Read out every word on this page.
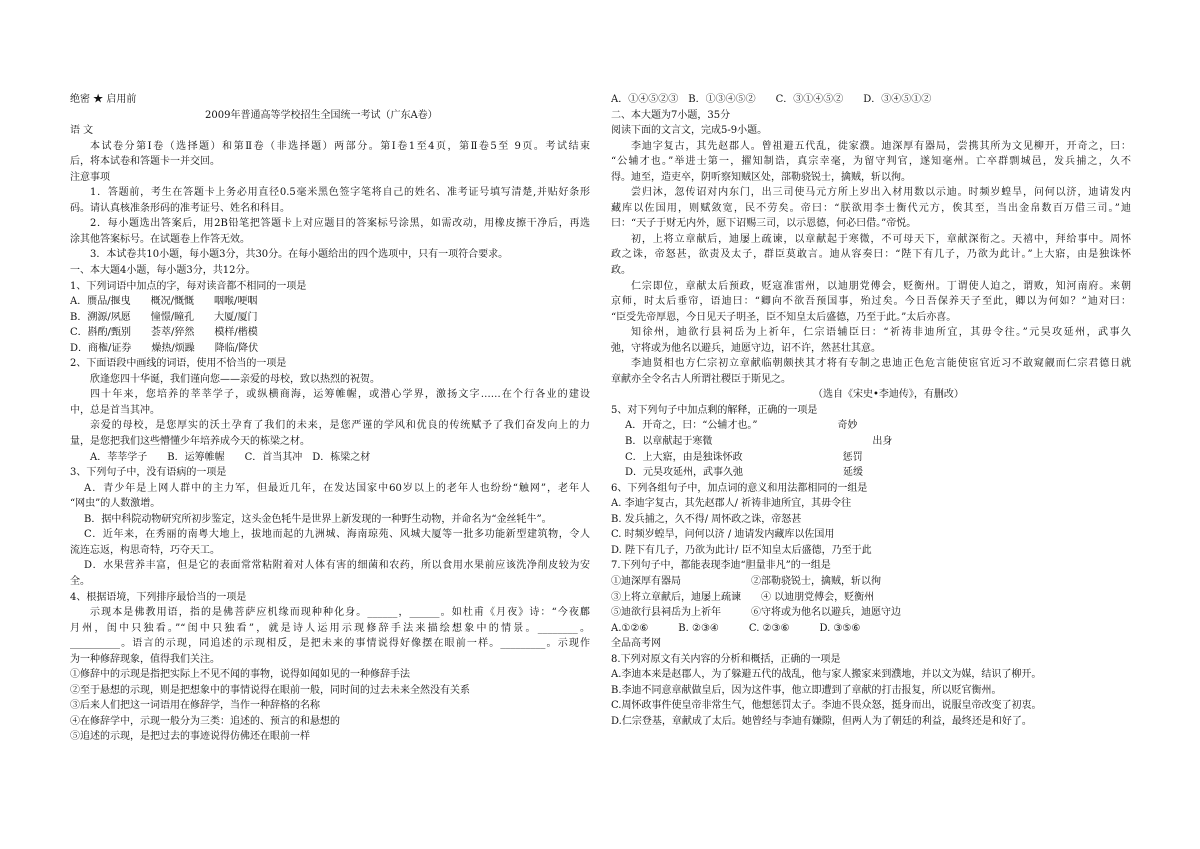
绝密 ★ 启用前
2009年普通高等学校招生全国统一考试（广东A卷）
语 文
本试卷分第Ⅰ卷（选择题）和第Ⅱ卷（非选择题）两部分。第Ⅰ卷1至4页，第Ⅱ卷5至 9页。考试结束
后，将本试卷和答题卡一并交回。
注意事项
1．答题前，考生在答题卡上务必用直径0.5毫米黑色签字笔将自己的姓名、准考证号填写清楚,并贴好条形
码。请认真核准条形码的准考证号、姓名和科目。
2．每小题选出答案后，用2B铅笔把答题卡上对应题目的答案标号涂黑，如需改动，用橡皮擦干净后，再选
涂其他答案标号。在试题卷上作答无效。
3．本试卷共10小题，每小题3分，共30分。在每小题给出的四个选项中，只有一项符合要求。
一、本大题4小题，每小题3分，共12分。
1、下列词语中加点的字，每对读音都不相同的一项是
A．赝品/揠曳　　概况/慨慨　　咽喉/哽咽
B．溯源/夙愿　　憧憬/瞳孔　　大厦/厦门
C．斟酌/甄别　　荟萃/猝然　　模样/楷模
D．商権/证券　　燥热/烦躁　　降临/降伏
2、下面语段中画线的词语，使用不恰当的一项是
欣逢您四十华诞，我们谨向您——亲爱的母校，致以热烈的祝贺。
四十年来，您培养的莘莘学子，或纵横商海，运筹帷幄，或潜心学界，激扬文字……在个行各业的建设
中，总是首当其冲。
亲爱的母校，是您厚实的沃土孕育了我们的未来，是您严谨的学风和优良的传统赋予了我们奋发向上的力
量，是您把我们这些懵懂少年培养成今天的栋梁之材。
A．莘莘学子　　B．运筹帷幄　　C．首当其冲　D．栋梁之材
3、下列句子中，没有语病的一项是
A．青少年是上网人群中的主力军，但最近几年，在发达国家中60岁以上的老年人也纷纷“触网”，老年人
“网虫”的人数激增。
B．据中科院动物研究所初步鉴定，这头金色牦牛是世界上新发现的一种野生动物，并命名为“金丝牦牛”。
C．近年来，在秀丽的南粤大地上，拔地而起的九洲城、海南琼苑、风城大厦等一批多功能新型建筑物，令人
流连忘返，构思奇特，巧夺天工。
D．水果营养丰富，但是它的表面常常粘附着对人体有害的细菌和农药，所以食用水果前应该洗净削皮较为安
全。
4、根据语境，下列排序最恰当的一项是
示现本是佛教用语，指的是佛菩萨应机缘而现种种化身。______，______。如杜甫《月夜》诗：“今夜鄜
月州，闺中只独看。”“闺中只独看”，就是诗人运用示现修辞手法来描绘想象中的情景。________。
__________。语言的示现，同追述的示现相反，是把未来的事情说得好像摆在眼前一样。_________。示现作
为一种修辞现象，值得我们关注。
①修辞中的示现是指把实际上不见不闻的事物，说得如闻如见的一种修辞手法
②至于悬想的示现，则是把想象中的事情说得在眼前一般，同时间的过去未来全然没有关系
③后来人们把这一词语用在修辞学，当作一种辞格的名称
④在修辞学中，示现一般分为三类：追述的、预言的和悬想的
⑤追述的示现，是把过去的事迹说得仿佛还在眼前一样
A．①④⑤②③　B．①③④⑤②　　C．③①④⑤②　　D．③④⑤①②
二、本大题为7小题，35分
阅读下面的文言文，完成5-9小题。
李迪字复古，其先赵郡人。曾祖避五代乱，徙家濮。迪深厚有器局，尝携其所为文见柳开，开奇之，曰：
“公辅才也。”举进士第一，擢知制诰，真宗幸毫，为留守判官，遂知毫州。亡卒群剽城邑，发兵捕之，久不
得。迪至，造吏卒，阴听察知贼区处，部勒骁锐士，擒贼，斩以徇。
尝归沐，忽传诏对内东门，出三司使马元方所上岁出入材用数以示迪。时频岁蝗旱，问何以济，迪请发内
藏库以佐国用，则赋敛宽，民不劳矣。帝曰：“朕欲用李士衡代元方，俟其至，当出金帛数百万借三司。”迪
曰：“天子于财无内外，愿下诏赐三司，以示恩德，何必曰借。”帝悦。
初，上将立章献后，迪屡上疏谏，以章献起于寒微，不可母天下，章献深衔之。天禧中，拜给事中。周怀
政之诛，帝怒甚，欲责及太子，群臣莫敢言。迪从容奏曰：“陛下有几子，乃欲为此计。”上大寤，由是独诛怀
政。
仁宗即位，章献太后预政，贬寇准雷州，以迪朋党傅会，贬衡州。丁谓使人迫之，谓败，知河南府。来朝
京师，时太后垂帘，语迪曰：“卿向不欲吾预国事，殆过矣。今日吾保养天子至此，卿以为何如？”迪对曰：
“臣受先帝厚恩，今日见天子明圣，臣不知皇太后盛德，乃至于此。”太后亦喜。
知徐州，迪欲行县祠岳为上祈年，仁宗语辅臣曰：“祈祷非迪所宜，其毋令往。”元昊攻延州，武事久
弛，守将或为他名以避兵，迪愿守边，诏不许，然甚壮其意。
李迪贤相也方仁宗初立章献临朝颇挟其才将有专制之患迪正色危言能使宦官近习不敢窥觎而仁宗君德日就
章献亦全令名古人所谓社稷臣于斯见之。
（选自《宋史•李迪传》，有删改）
5、对下列句子中加点剩的解释，正确的一项是
A．开奇之，曰：“公辅才也。”　　　　　　　　奇妙
B．以章献起于寒微　　　　　　　　　　　　　　　　出身
C．上大寤，由是独诛怀政　　　　　　　　　　惩罚
D．元昊攻延州，武事久弛　　　　　　　　　　延缓
6、下列各组句子中，加点词的意义和用法都相同的一组是
A. 李迪字复古，其先赵郡人/ 祈祷非迪所宜，其毋令往
B. 发兵捕之，久不得/ 周怀政之诛，帝怒甚
C. 时频岁蝗旱，问何以济 / 迪请发内藏库以佐国用
D. 陛下有几子，乃欲为此计/ 臣不知皇太后盛德，乃至于此
7.下列句子中，都能表现李迪“胆量非凡”的一组是
①迪深厚有器局　　　　　　　②部勒骁锐士，擒贼，斩以徇
③上将立章献后，迪屡上疏谏　　④ 以迪朋党傅会，贬衡州
⑤迪欲行县祠岳为上祈年　　　⑥守将或为他名以避兵，迪愿守边
A.①②⑥　　　B. ②③④　　　C. ②③⑥　　　D. ③⑤⑥
全品高考网
8.下列对原文有关内容的分析和概括，正确的一项是
A.李迪本来是赵郡人，为了躲避五代的战乱，他与家人搬家来到濮地，并以文为媒，结识了柳开。
B.李迪不同意章献做皇后，因为这件事，他立即遭到了章献的打击报复，所以贬官衡州。
C.周怀政事件使皇帝非常生气，他想惩罚太子。李迪不畏众怒，挺身而出，说服皇帝改变了初衷。
D.仁宗登基，章献成了太后。她曾经与李迪有嫌隙，但两人为了朝廷的利益，最终还是和好了。
